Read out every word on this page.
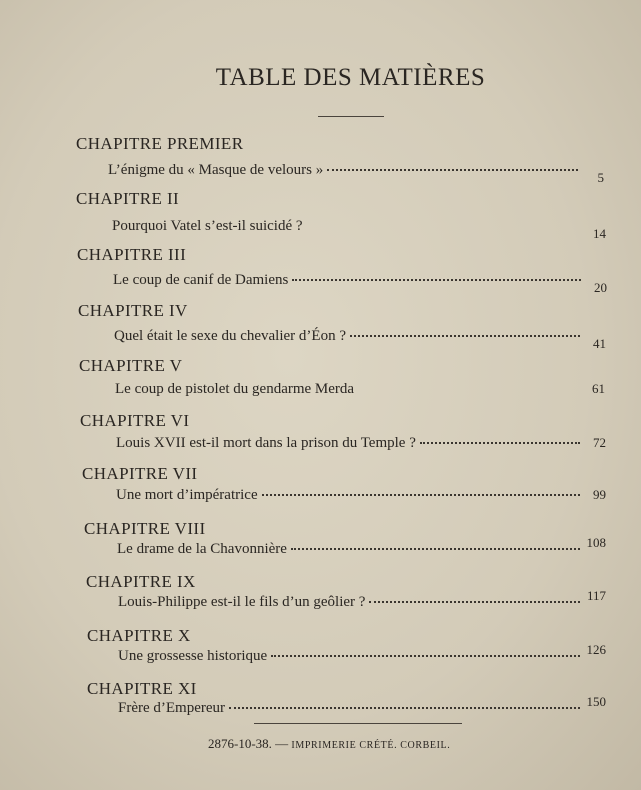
TABLE DES MATIÈRES
CHAPITRE PREMIER
L’énigme du « Masque de velours »	5
CHAPITRE II
Pourquoi Vatel s’est-il suicidé ?	14
CHAPITRE III
Le coup de canif de Damiens	20
CHAPITRE IV
Quel était le sexe du chevalier d’Éon ?	41
CHAPITRE V
Le coup de pistolet du gendarme Merda	61
CHAPITRE VI
Louis XVII est-il mort dans la prison du Temple ?	72
CHAPITRE VII
Une mort d’impératrice	99
CHAPITRE VIII
Le drame de la Chavonnière	108
CHAPITRE IX
Louis-Philippe est-il le fils d’un geôlier ?	117
CHAPITRE X
Une grossesse historique	126
CHAPITRE XI
Frère d’Empereur	150
2876-10-38. — IMPRIMERIE CRÉTÉ. CORBEIL.
